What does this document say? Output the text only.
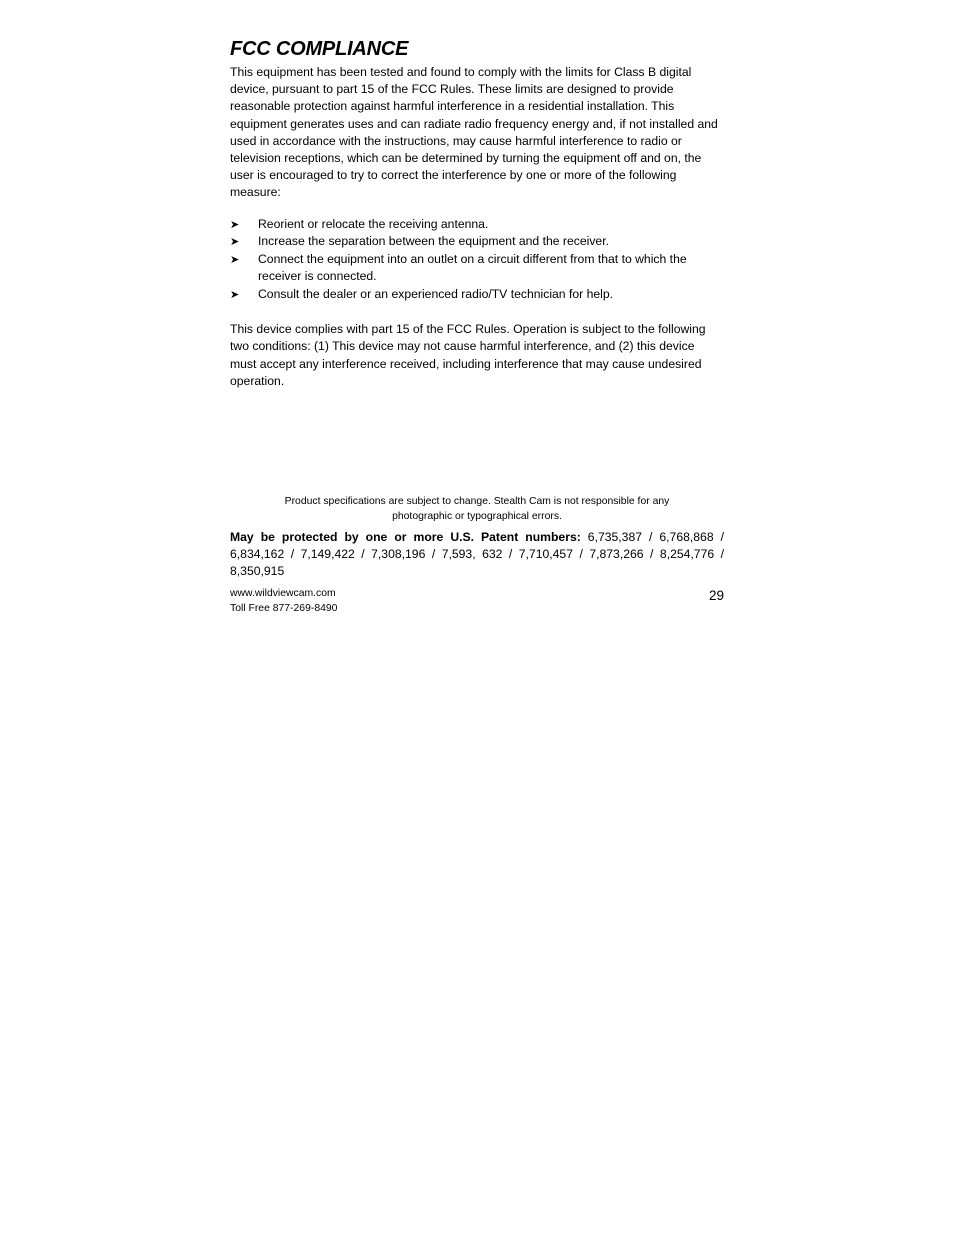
FCC COMPLIANCE

This equipment has been tested and found to comply with the limits for Class B digital device, pursuant to part 15 of the FCC Rules. These limits are designed to provide reasonable protection against harmful interference in a residential installation. This equipment generates uses and can radiate radio frequency energy and, if not installed and used in accordance with the instructions, may cause harmful interference to radio or television receptions, which can be determined by turning the equipment off and on, the user is encouraged to try to correct the interference by one or more of the following measure:

➤ Reorient or relocate the receiving antenna.
➤ Increase the separation between the equipment and the receiver.
➤ Connect the equipment into an outlet on a circuit different from that to which the receiver is connected.
➤ Consult the dealer or an experienced radio/TV technician for help.

This device complies with part 15 of the FCC Rules. Operation is subject to the following two conditions: (1) This device may not cause harmful interference, and (2) this device must accept any interference received, including interference that may cause undesired operation.

Product specifications are subject to change. Stealth Cam is not responsible for any
photographic or typographical errors.
May be protected by one or more U.S. Patent numbers: 6,735,387 / 6,768,868 / 6,834,162 / 7,149,422 / 7,308,196 / 7,593, 632 / 7,710,457 / 7,873,266 / 8,254,776 / 8,350,915
www.wildviewcam.com
Toll Free 877-269-8490
29
